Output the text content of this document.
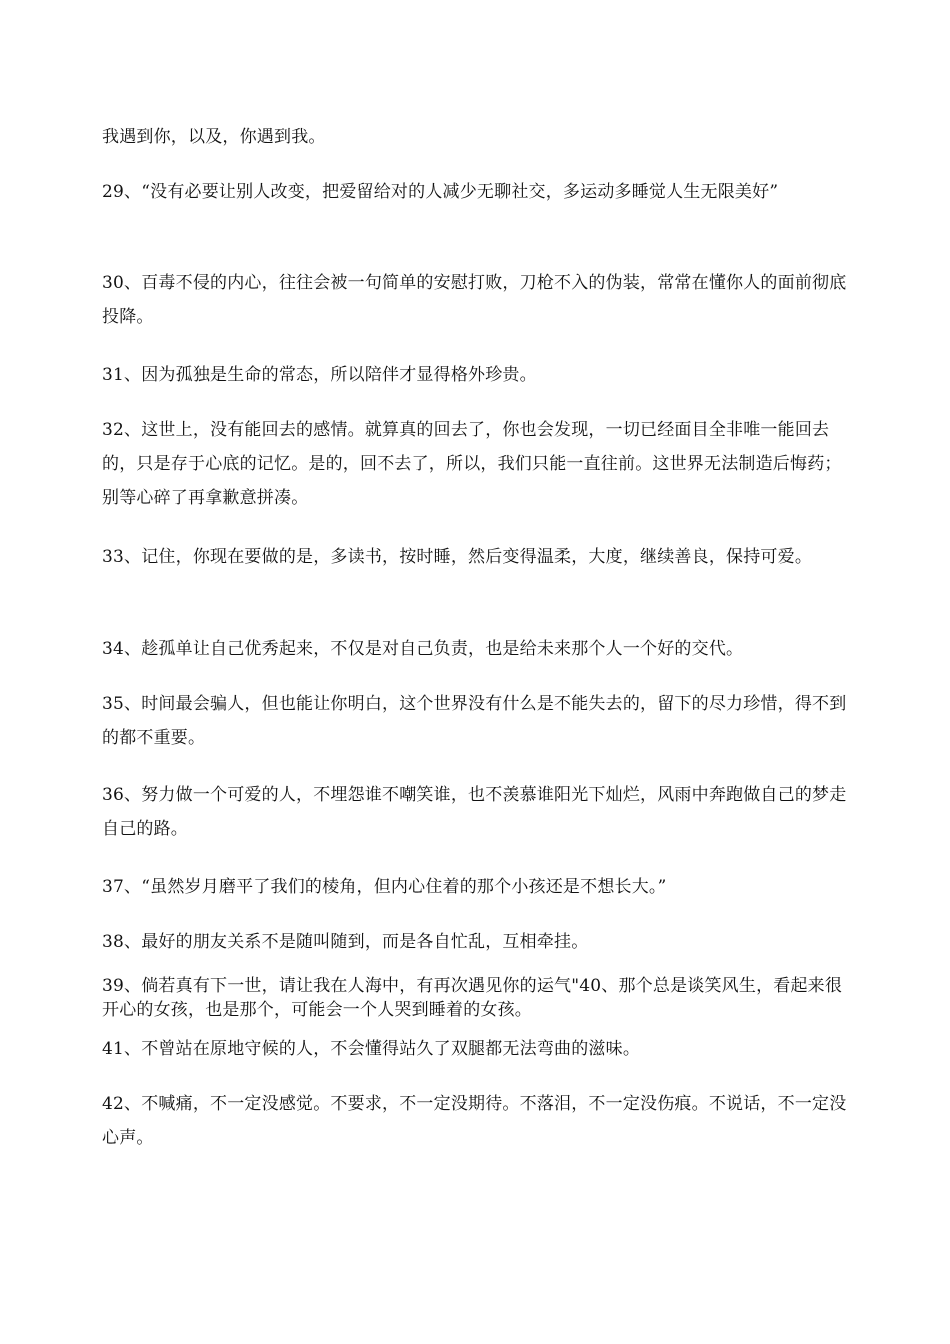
我遇到你，以及，你遇到我。

29、“没有必要让别人改变，把爱留给对的人减少无聊社交，多运动多睡觉人生无限美好”

30、百毒不侵的内心，往往会被一句简单的安慰打败，刀枪不入的伪装，常常在懂你人的面前彻底投降。

31、因为孤独是生命的常态，所以陪伴才显得格外珍贵。

32、这世上，没有能回去的感情。就算真的回去了，你也会发现，一切已经面目全非唯一能回去的，只是存于心底的记忆。是的，回不去了，所以，我们只能一直往前。这世界无法制造后悔药；别等心碎了再拿歉意拼凑。

33、记住，你现在要做的是，多读书，按时睡，然后变得温柔，大度，继续善良，保持可爱。

34、趁孤单让自己优秀起来，不仅是对自己负责，也是给未来那个人一个好的交代。

35、时间最会骗人，但也能让你明白，这个世界没有什么是不能失去的，留下的尽力珍惜，得不到的都不重要。

36、努力做一个可爱的人，不埋怨谁不嘲笑谁，也不羡慕谁阳光下灿烂，风雨中奔跑做自己的梦走自己的路。

37、“虽然岁月磨平了我们的棱角，但内心住着的那个小孩还是不想长大。”

38、最好的朋友关系不是随叫随到，而是各自忙乱，互相牵挂。

39、倘若真有下一世，请让我在人海中，有再次遇见你的运气"40、那个总是谈笑风生，看起来很开心的女孩，也是那个，可能会一个人哭到睡着的女孩。

41、不曾站在原地守候的人，不会懂得站久了双腿都无法弯曲的滋味。

42、不喊痛，不一定没感觉。不要求，不一定没期待。不落泪，不一定没伤痕。不说话，不一定没心声。
